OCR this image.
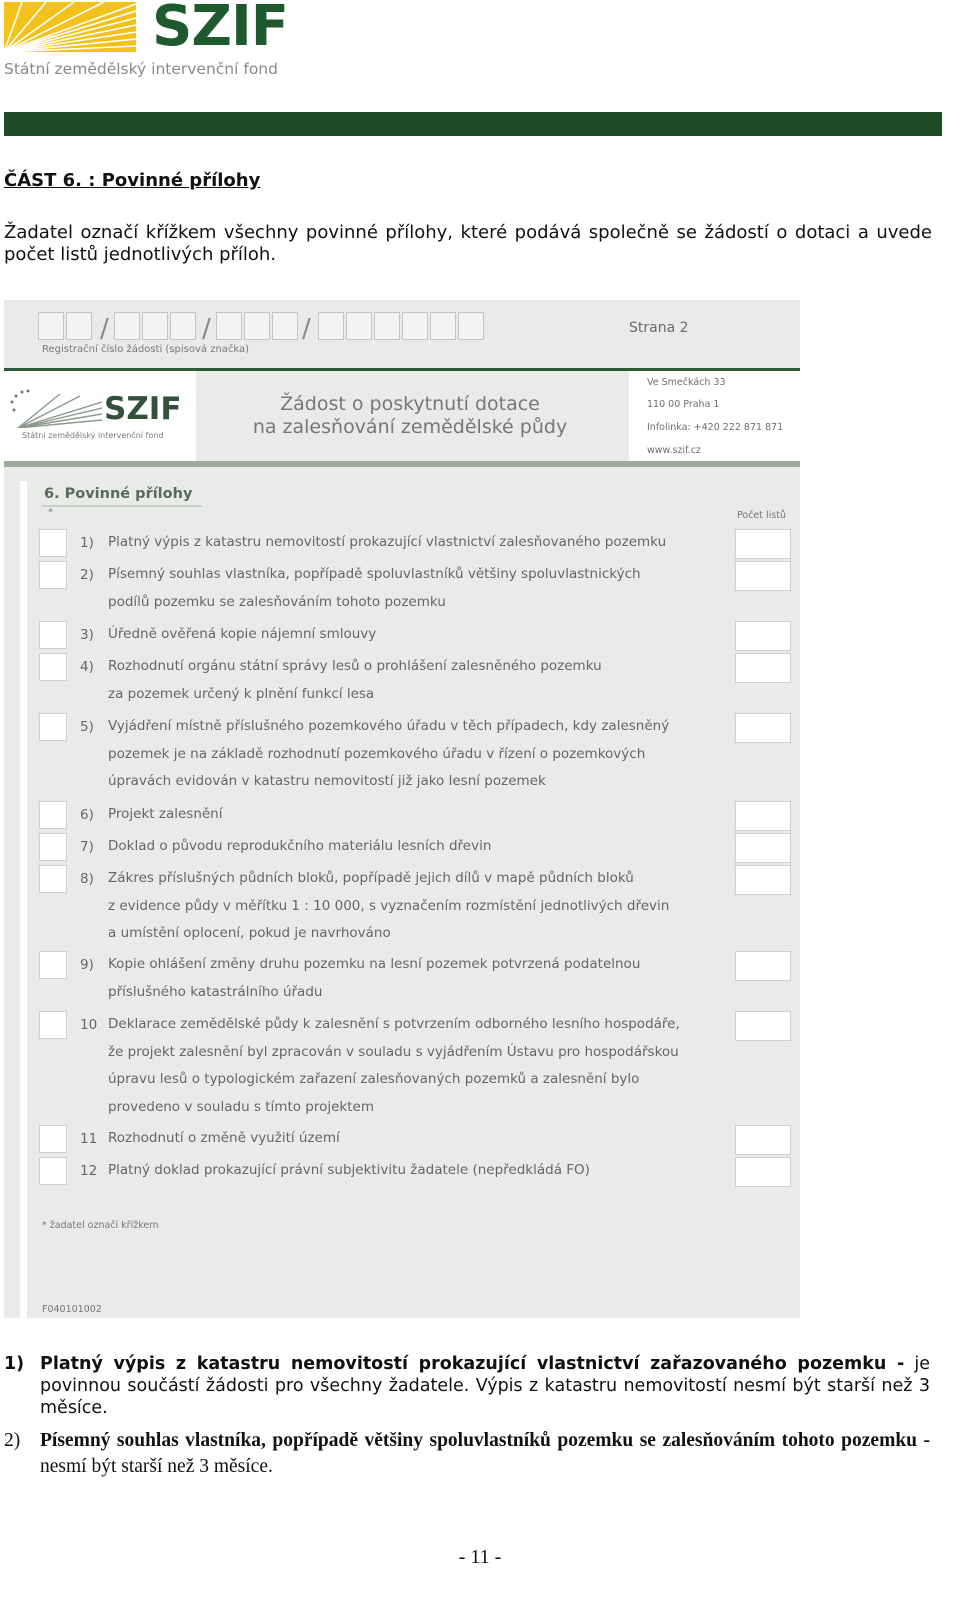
SZIF
Státní zemědělský intervenční fond
ČÁST 6. : Povinné přílohy
Žadatel označí křížkem všechny povinné přílohy, které podává společně se žádostí o dotaci a uvede počet listů jednotlivých příloh.
/	/	/
Registrační číslo žádosti (spisová značka)
Strana 2
SZIF
Státní zemědělský intervenční fond
Žádost o poskytnutí dotace
na zalesňování zemědělské půdy
Ve Smečkách 33
110 00 Praha 1
Infolinka: +420 222 871 871
www.szif.cz
6. Povinné přílohy
*	Počet listů
1) Platný výpis z katastru nemovitostí prokazující vlastnictví zalesňovaného pozemku
2) Písemný souhlas vlastníka, popřípadě spoluvlastníků většiny spoluvlastnických
podílů pozemku se zalesňováním tohoto pozemku
3) Úředně ověřená kopie nájemní smlouvy
4) Rozhodnutí orgánu státní správy lesů o prohlášení zalesněného pozemku
za pozemek určený k plnění funkcí lesa
5) Vyjádření místně příslušného pozemkového úřadu v těch případech, kdy zalesněný
pozemek je na základě rozhodnutí pozemkového úřadu v řízení o pozemkových
úpravách evidován v katastru nemovitostí již jako lesní pozemek
6) Projekt zalesnění
7) Doklad o původu reprodukčního materiálu lesních dřevin
8) Zákres příslušných půdních bloků, popřípadě jejich dílů v mapě půdních bloků
z evidence půdy v měřítku 1 : 10 000, s vyznačením rozmístění jednotlivých dřevin
a umístění oplocení, pokud je navrhováno
9) Kopie ohlášení změny druhu pozemku na lesní pozemek potvrzená podatelnou
příslušného katastrálního úřadu
10 Deklarace zemědělské půdy k zalesnění s potvrzením odborného lesního hospodáře,
že projekt zalesnění byl zpracován v souladu s vyjádřením Ústavu pro hospodářskou
úpravu lesů o typologickém zařazení zalesňovaných pozemků a zalesnění bylo
provedeno v souladu s tímto projektem
11 Rozhodnutí o změně využití území
12 Platný doklad prokazující právní subjektivitu žadatele (nepředkládá FO)
* žadatel označí křížkem
F040101002
1) Platný výpis z katastru nemovitostí prokazující vlastnictví zařazovaného pozemku - je povinnou součástí žádosti pro všechny žadatele. Výpis z katastru nemovitostí nesmí být starší než 3 měsíce.
2) Písemný souhlas vlastníka, popřípadě většiny spoluvlastníků pozemku se zalesňováním tohoto pozemku - nesmí být starší než 3 měsíce.
- 11 -
